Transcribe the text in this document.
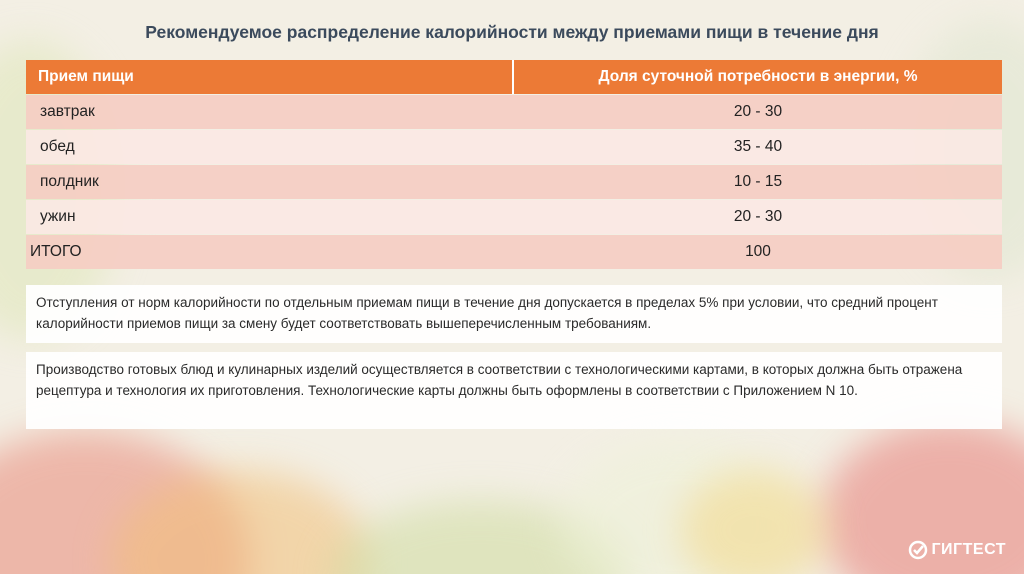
Рекомендуемое распределение калорийности между приемами пищи в течение дня
Прием пищи	Доля суточной потребности в энергии, %
завтрак	20 - 30
обед	35 - 40
полдник	10 - 15
ужин	20 - 30
ИТОГО	100
Отступления от норм калорийности по отдельным приемам пищи в течение дня допускается в пределах 5% при условии, что средний процент калорийности приемов пищи за смену будет соответствовать вышеперечисленным требованиям.
Производство готовых блюд и кулинарных изделий осуществляется в соответствии с технологическими картами, в которых должна быть отражена рецептура и технология их приготовления. Технологические карты должны быть оформлены в соответствии с Приложением N 10.
ГИГТЕСТ
